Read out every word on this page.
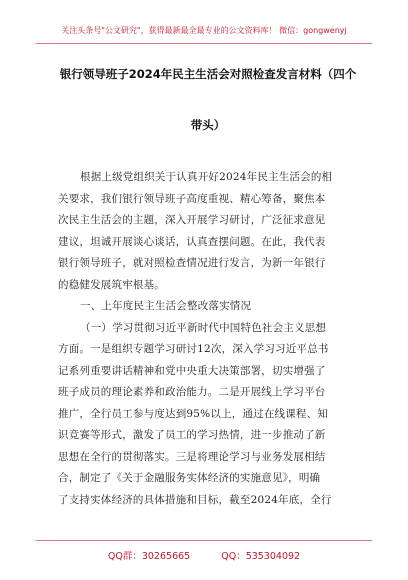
关注头条号"公文研究"，获得最新最全最专业的公文资料库！ 微信：gongwenyj
银行领导班子2024年民主生活会对照检查发言材料（四个
带头）
根据上级党组织关于认真开好2024年民主生活会的相
关要求，我们银行领导班子高度重视、精心筹备，聚焦本
次民主生活会的主题，深入开展学习研讨，广泛征求意见
建议，坦诚开展谈心谈话，认真查摆问题。在此，我代表
银行领导班子，就对照检查情况进行发言，为新一年银行
的稳健发展筑牢根基。
一、上年度民主生活会整改落实情况
（一）学习贯彻习近平新时代中国特色社会主义思想
方面。一是组织专题学习研讨12次，深入学习习近平总书
记系列重要讲话精神和党中央重大决策部署，切实增强了
班子成员的理论素养和政治能力。二是开展线上学习平台
推广，全行员工参与度达到95%以上，通过在线课程、知
识竞赛等形式，激发了员工的学习热情，进一步推动了新
思想在全行的贯彻落实。三是将理论学习与业务发展相结
合，制定了《关于金融服务实体经济的实施意见》，明确
了支持实体经济的具体措施和目标，截至2024年底，全行
QQ群：30265665	QQ：535304092
